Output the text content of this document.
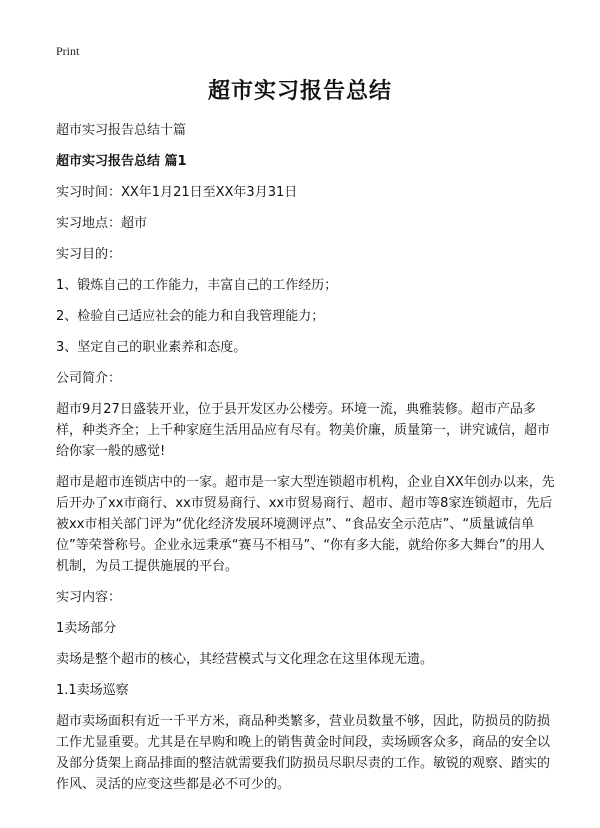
Print
超市实习报告总结

超市实习报告总结十篇

超市实习报告总结 篇1

实习时间：XX年1月21日至XX年3月31日

实习地点：超市

实习目的：

1、锻炼自己的工作能力，丰富自己的工作经历；

2、检验自己适应社会的能力和自我管理能力；

3、坚定自己的职业素养和态度。

公司简介：

超市9月27日盛装开业，位于县开发区办公楼旁。环境一流，典雅装修。超市产品多样，种类齐全；上千种家庭生活用品应有尽有。物美价廉，质量第一，讲究诚信，超市给你家一般的感觉!

超市是超市连锁店中的一家。超市是一家大型连锁超市机构，企业自XX年创办以来，先后开办了xx市商行、xx市贸易商行、xx市贸易商行、超市、超市等8家连锁超市，先后被xx市相关部门评为“优化经济发展环境测评点”、“食品安全示范店”、“质量诚信单位”等荣誉称号。企业永远秉承“赛马不相马”、“你有多大能，就给你多大舞台”的用人机制，为员工提供施展的平台。

实习内容：

1卖场部分

卖场是整个超市的核心，其经营模式与文化理念在这里体现无遗。

1.1卖场巡察

超市卖场面积有近一千平方米，商品种类繁多，营业员数量不够，因此，防损员的防损工作尤显重要。尤其是在早购和晚上的销售黄金时间段，卖场顾客众多，商品的安全以及部分货架上商品排面的整洁就需要我们防损员尽职尽责的工作。敏锐的观察、踏实的作风、灵活的应变这些都是必不可少的。
